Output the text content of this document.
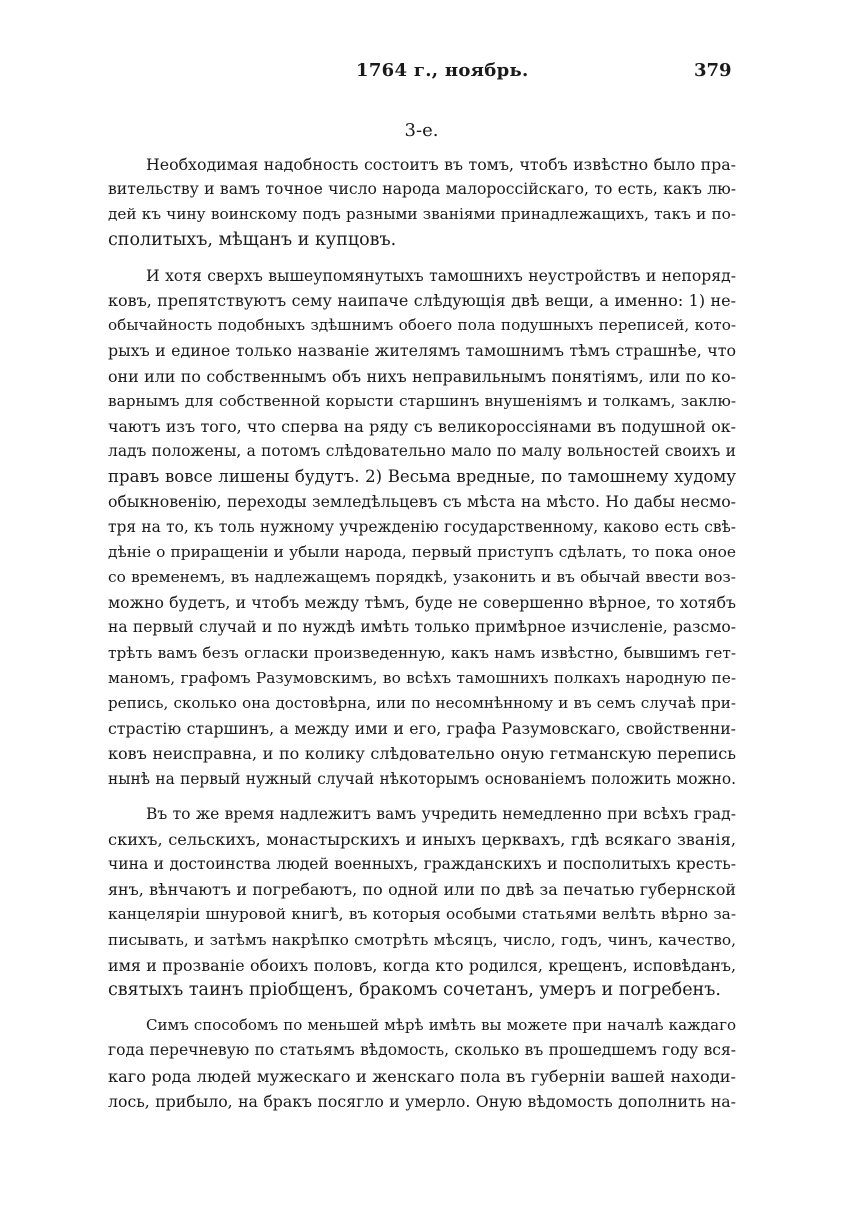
1764 г., ноябрь.	379
3-е.

Необходимая надобность состоитъ въ томъ, чтобъ извѣстно было пра-
вительству и вамъ точное число народа малороссійскаго, то есть, какъ лю-
дей къ чину воинскому подъ разными званіями принадлежащихъ, такъ и по-
сполитыхъ, мѣщанъ и купцовъ.

И хотя сверхъ вышеупомянутыхъ тамошнихъ неустройствъ и непоряд-
ковъ, препятствуютъ сему наипаче слѣдующія двѣ вещи, а именно: 1) не-
обычайность подобныхъ здѣшнимъ обоего пола подушныхъ переписей, кото-
рыхъ и единое только названіе жителямъ тамошнимъ тѣмъ страшнѣе, что
они или по собственнымъ объ нихъ неправильнымъ понятіямъ, или по ко-
варнымъ для собственной корысти старшинъ внушеніямъ и толкамъ, заклю-
чаютъ изъ того, что сперва на ряду съ великороссіянами въ подушной ок-
ладъ положены, а потомъ слѣдовательно мало по малу вольностей своихъ и
правъ вовсе лишены будутъ. 2) Весьма вредные, по тамошнему худому
обыкновенію, переходы земледѣльцевъ съ мѣста на мѣсто. Но дабы несмо-
тря на то, къ толь нужному учрежденію государственному, каково есть свѣ-
дѣніе о приращеніи и убыли народа, первый приступъ сдѣлать, то пока оное
со временемъ, въ надлежащемъ порядкѣ, узаконить и въ обычай ввести воз-
можно будетъ, и чтобъ между тѣмъ, буде не совершенно вѣрное, то хотябъ
на первый случай и по нуждѣ имѣть только примѣрное изчисленіе, разсмо-
трѣть вамъ безъ огласки произведенную, какъ намъ извѣстно, бывшимъ гет-
маномъ, графомъ Разумовскимъ, во всѣхъ тамошнихъ полкахъ народную пе-
репись, сколько она достовѣрна, или по несомнѣнному и въ семъ случаѣ при-
страстію старшинъ, а между ими и его, графа Разумовскаго, свойственни-
ковъ неисправна, и по колику слѣдовательно оную гетманскую перепись
нынѣ на первый нужный случай нѣкоторымъ основаніемъ положить можно.

Въ то же время надлежитъ вамъ учредить немедленно при всѣхъ град-
скихъ, сельскихъ, монастырскихъ и иныхъ церквахъ, гдѣ всякаго званія,
чина и достоинства людей военныхъ, гражданскихъ и посполитыхъ кресть-
янъ, вѣнчаютъ и погребаютъ, по одной или по двѣ за печатью губернской
канцеляріи шнуровой книгѣ, въ которыя особыми статьями велѣть вѣрно за-
писывать, и затѣмъ накрѣпко смотрѣть мѣсяцъ, число, годъ, чинъ, качество,
имя и прозваніе обоихъ половъ, когда кто родился, крещенъ, исповѣданъ,
святыхъ таинъ пріобщенъ, бракомъ сочетанъ, умеръ и погребенъ.

Симъ способомъ по меньшей мѣрѣ имѣть вы можете при началѣ каждаго
года перечневую по статьямъ вѣдомость, сколько въ прошедшемъ году вся-
каго рода людей мужескаго и женскаго пола въ губерніи вашей находи-
лось, прибыло, на бракъ посягло и умерло. Оную вѣдомость дополнить на-
